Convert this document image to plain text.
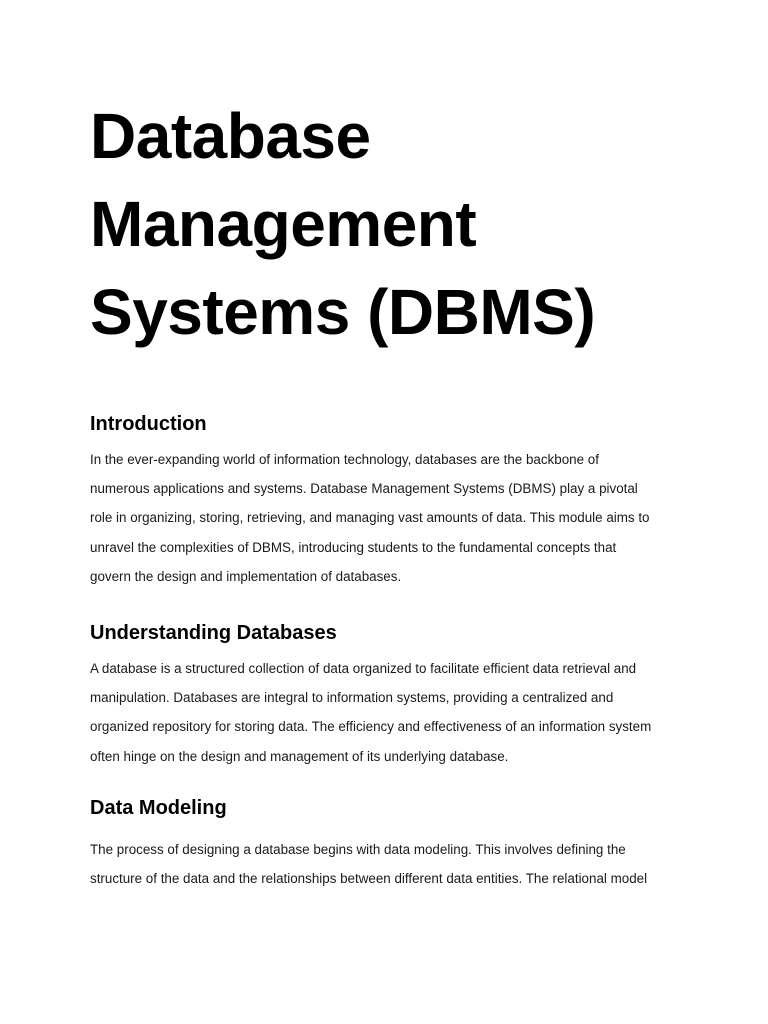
Database
Management
Systems (DBMS)
Introduction
In the ever-expanding world of information technology, databases are the backbone of
numerous applications and systems. Database Management Systems (DBMS) play a pivotal
role in organizing, storing, retrieving, and managing vast amounts of data. This module aims to
unravel the complexities of DBMS, introducing students to the fundamental concepts that
govern the design and implementation of databases.
Understanding Databases
A database is a structured collection of data organized to facilitate efficient data retrieval and
manipulation. Databases are integral to information systems, providing a centralized and
organized repository for storing data. The efficiency and effectiveness of an information system
often hinge on the design and management of its underlying database.
Data Modeling
The process of designing a database begins with data modeling. This involves defining the
structure of the data and the relationships between different data entities. The relational model
